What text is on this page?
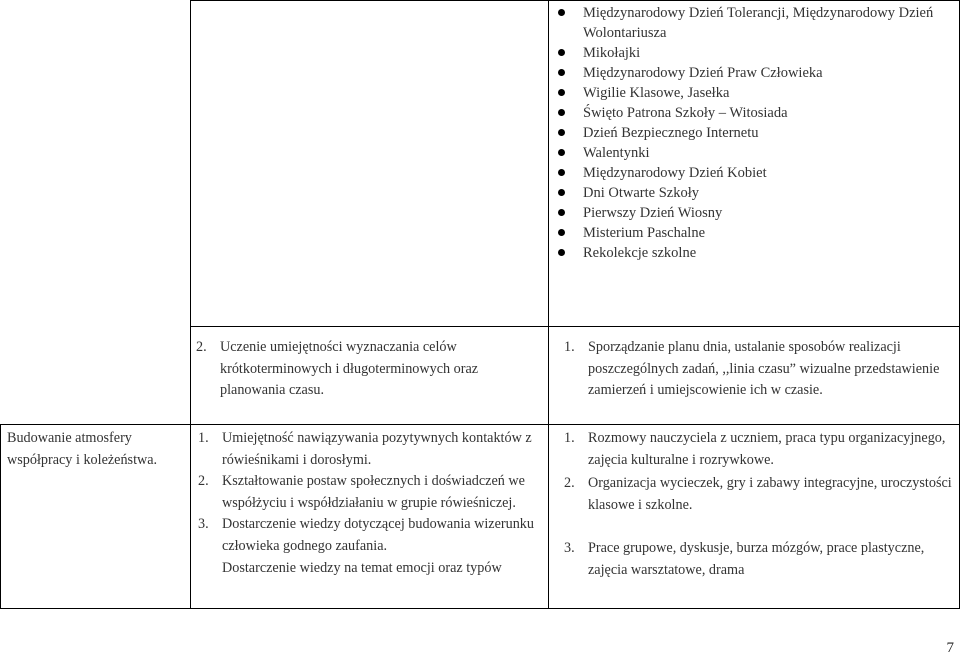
Międzynarodowy Dzień Tolerancji, Międzynarodowy Dzień Wolontariusza
Mikołajki
Międzynarodowy Dzień Praw Człowieka
Wigilie Klasowe, Jasełka
Święto Patrona Szkoły – Witosiada
Dzień Bezpiecznego Internetu
Walentynki
Międzynarodowy Dzień Kobiet
Dni Otwarte Szkoły
Pierwszy Dzień Wiosny
Misterium Paschalne
Rekolekcje szkolne
2. Uczenie umiejętności wyznaczania celów krótkoterminowych i długoterminowych oraz planowania czasu.
1. Sporządzanie planu dnia, ustalanie sposobów realizacji poszczególnych zadań, ,,linia czasu” wizualne przedstawienie zamierzeń i umiejscowienie ich w czasie.
Budowanie atmosfery współpracy i koleżeństwa.
1. Umiejętność nawiązywania pozytywnych kontaktów z rówieśnikami i dorosłymi.
2. Kształtowanie postaw społecznych i doświadczeń we współżyciu i współdziałaniu w grupie rówieśniczej.
3. Dostarczenie wiedzy dotyczącej budowania wizerunku człowieka godnego zaufania.
Dostarczenie wiedzy na temat emocji oraz typów
1. Rozmowy nauczyciela z uczniem, praca typu organizacyjnego, zajęcia kulturalne i rozrywkowe.
2. Organizacja wycieczek, gry i zabawy integracyjne, uroczystości klasowe i szkolne.
3. Prace grupowe, dyskusje, burza mózgów, prace plastyczne, zajęcia warsztatowe, drama
7
